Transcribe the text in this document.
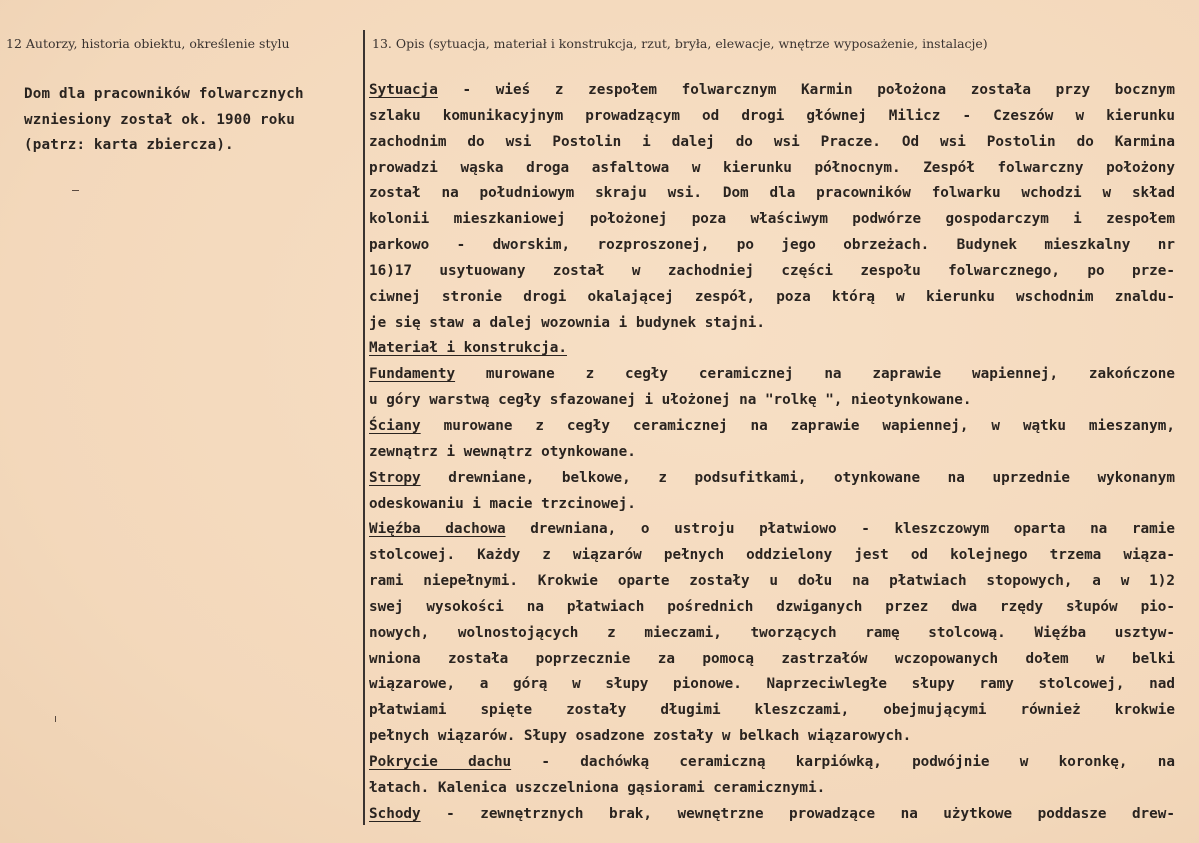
12 Autorzy, historia obiektu, określenie stylu	13. Opis (sytuacja, materiał i konstrukcja, rzut, bryła, elewacje, wnętrze wyposażenie, instalacje)
Dom dla pracowników folwarcznych
wzniesiony został ok. 1900 roku
(patrz: karta zbiercza).
Sytuacja - wieś z zespołem folwarcznym Karmin położona została przy bocznym
szlaku komunikacyjnym prowadzącym od drogi głównej Milicz - Czeszów w kierunku
zachodnim do wsi Postolin i dalej do wsi Pracze. Od wsi Postolin do Karmina
prowadzi wąska droga asfaltowa w kierunku północnym. Zespół folwarczny położony
został na południowym skraju wsi. Dom dla pracowników folwarku wchodzi w skład
kolonii mieszkaniowej położonej poza właściwym podwórze gospodarczym i zespołem
parkowo - dworskim, rozproszonej, po jego obrzeżach. Budynek mieszkalny nr
16)17 usytuowany został w zachodniej części zespołu folwarcznego, po prze-
ciwnej stronie drogi okalającej zespół, poza którą w kierunku wschodnim znaldu-
je się staw a dalej wozownia i budynek stajni.
Materiał i konstrukcja.
Fundamenty murowane z cegły ceramicznej na zaprawie wapiennej, zakończone
u góry warstwą cegły sfazowanej i ułożonej na "rolkę ", nieotynkowane.
Ściany murowane z cegły ceramicznej na zaprawie wapiennej, w wątku mieszanym,
zewnątrz i wewnątrz otynkowane.
Stropy drewniane, belkowe, z podsufitkami, otynkowane na uprzednie wykonanym
odeskowaniu i macie trzcinowej.
Więźba dachowa drewniana, o ustroju płatwiowo - kleszczowym oparta na ramie
stolcowej. Każdy z wiązarów pełnych oddzielony jest od kolejnego trzema wiąza-
rami niepełnymi. Krokwie oparte zostały u dołu na płatwiach stopowych, a w 1)2
swej wysokości na płatwiach pośrednich dzwiganych przez dwa rzędy słupów pio-
nowych, wolnostojących z mieczami, tworzących ramę stolcową. Więźba usztyw-
wniona została poprzecznie za pomocą zastrzałów wczopowanych dołem w belki
wiązarowe, a górą w słupy pionowe. Naprzeciwległe słupy ramy stolcowej, nad
płatwiami spięte zostały długimi kleszczami, obejmującymi również krokwie
pełnych wiązarów. Słupy osadzone zostały w belkach wiązarowych.
Pokrycie dachu - dachówką ceramiczną karpiówką, podwójnie w koronkę, na
łatach. Kalenica uszczelniona gąsiorami ceramicznymi.
Schody - zewnętrznych brak, wewnętrzne prowadzące na użytkowe poddasze drew-
